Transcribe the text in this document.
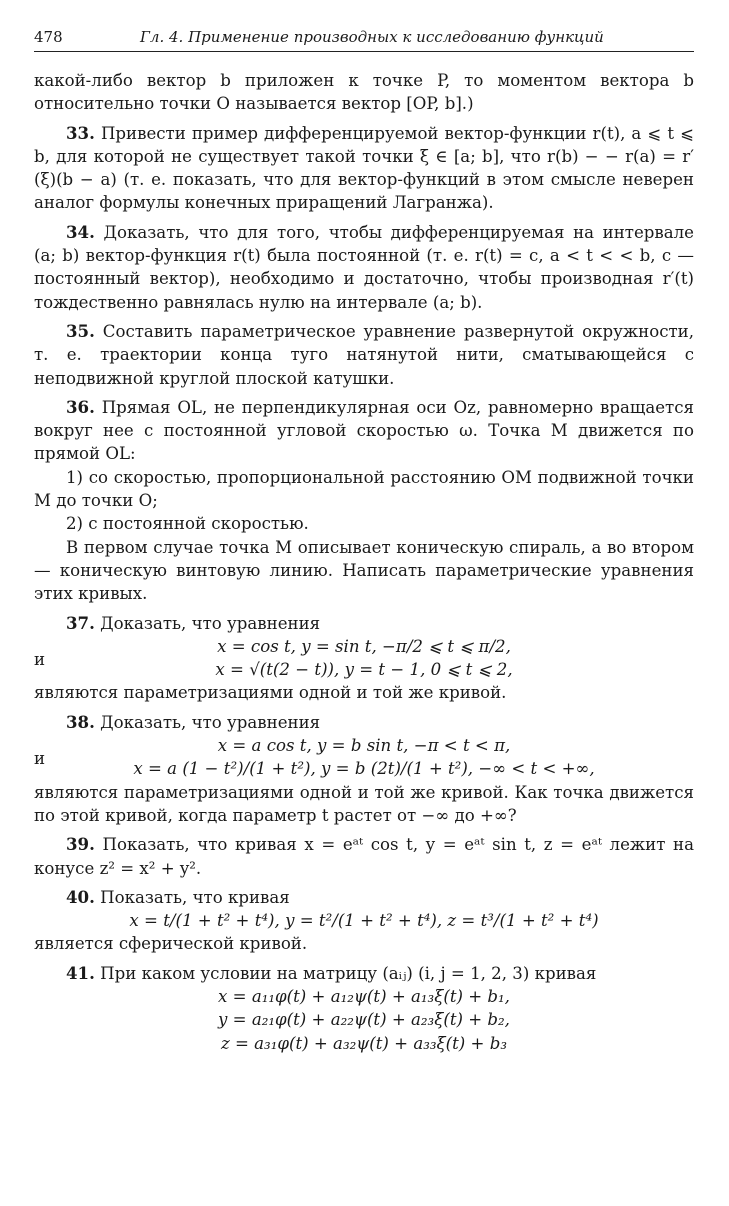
478	Гл. 4. Применение производных к исследованию функций

какой-либо вектор b приложен к точке P, то моментом вектора b относительно точки O называется вектор [OP, b].)

33. Привести пример дифференцируемой вектор-функции r(t), a ⩽ t ⩽ b, для которой не существует такой точки ξ ∈ [a; b], что r(b) − − r(a) = r′(ξ)(b − a) (т. е. показать, что для вектор-функций в этом смысле неверен аналог формулы конечных приращений Лагранжа).

34. Доказать, что для того, чтобы дифференцируемая на интервале (a; b) вектор-функция r(t) была постоянной (т. е. r(t) = c, a < t < < b, c — постоянный вектор), необходимо и достаточно, чтобы производная r′(t) тождественно равнялась нулю на интервале (a; b).

35. Составить параметрическое уравнение развернутой окружности, т. е. траектории конца туго натянутой нити, сматывающейся с неподвижной круглой плоской катушки.

36. Прямая OL, не перпендикулярная оси Oz, равномерно вращается вокруг нее с постоянной угловой скоростью ω. Точка M движется по прямой OL:

1) со скоростью, пропорциональной расстоянию OM подвижной точки M до точки O;

2) с постоянной скоростью.

В первом случае точка M описывает коническую спираль, а во втором — коническую винтовую линию. Написать параметрические уравнения этих кривых.

37. Доказать, что уравнения

x = cos t, y = sin t, −π/2 ⩽ t ⩽ π/2,
и
x = √(t(2 − t)), y = t − 1, 0 ⩽ t ⩽ 2,

являются параметризациями одной и той же кривой.

38. Доказать, что уравнения

x = a cos t, y = b sin t, −π < t < π,
и
x = a (1 − t²)/(1 + t²), y = b (2t)/(1 + t²), −∞ < t < +∞,

являются параметризациями одной и той же кривой. Как точка движется по этой кривой, когда параметр t растет от −∞ до +∞?

39. Показать, что кривая x = eᵃᵗ cos t, y = eᵃᵗ sin t, z = eᵃᵗ лежит на конусе z² = x² + y².

40. Показать, что кривая

x = t/(1 + t² + t⁴), y = t²/(1 + t² + t⁴), z = t³/(1 + t² + t⁴)

является сферической кривой.

41. При каком условии на матрицу (aᵢⱼ) (i, j = 1, 2, 3) кривая

x = a₁₁φ(t) + a₁₂ψ(t) + a₁₃ξ(t) + b₁,
y = a₂₁φ(t) + a₂₂ψ(t) + a₂₃ξ(t) + b₂,
z = a₃₁φ(t) + a₃₂ψ(t) + a₃₃ξ(t) + b₃
